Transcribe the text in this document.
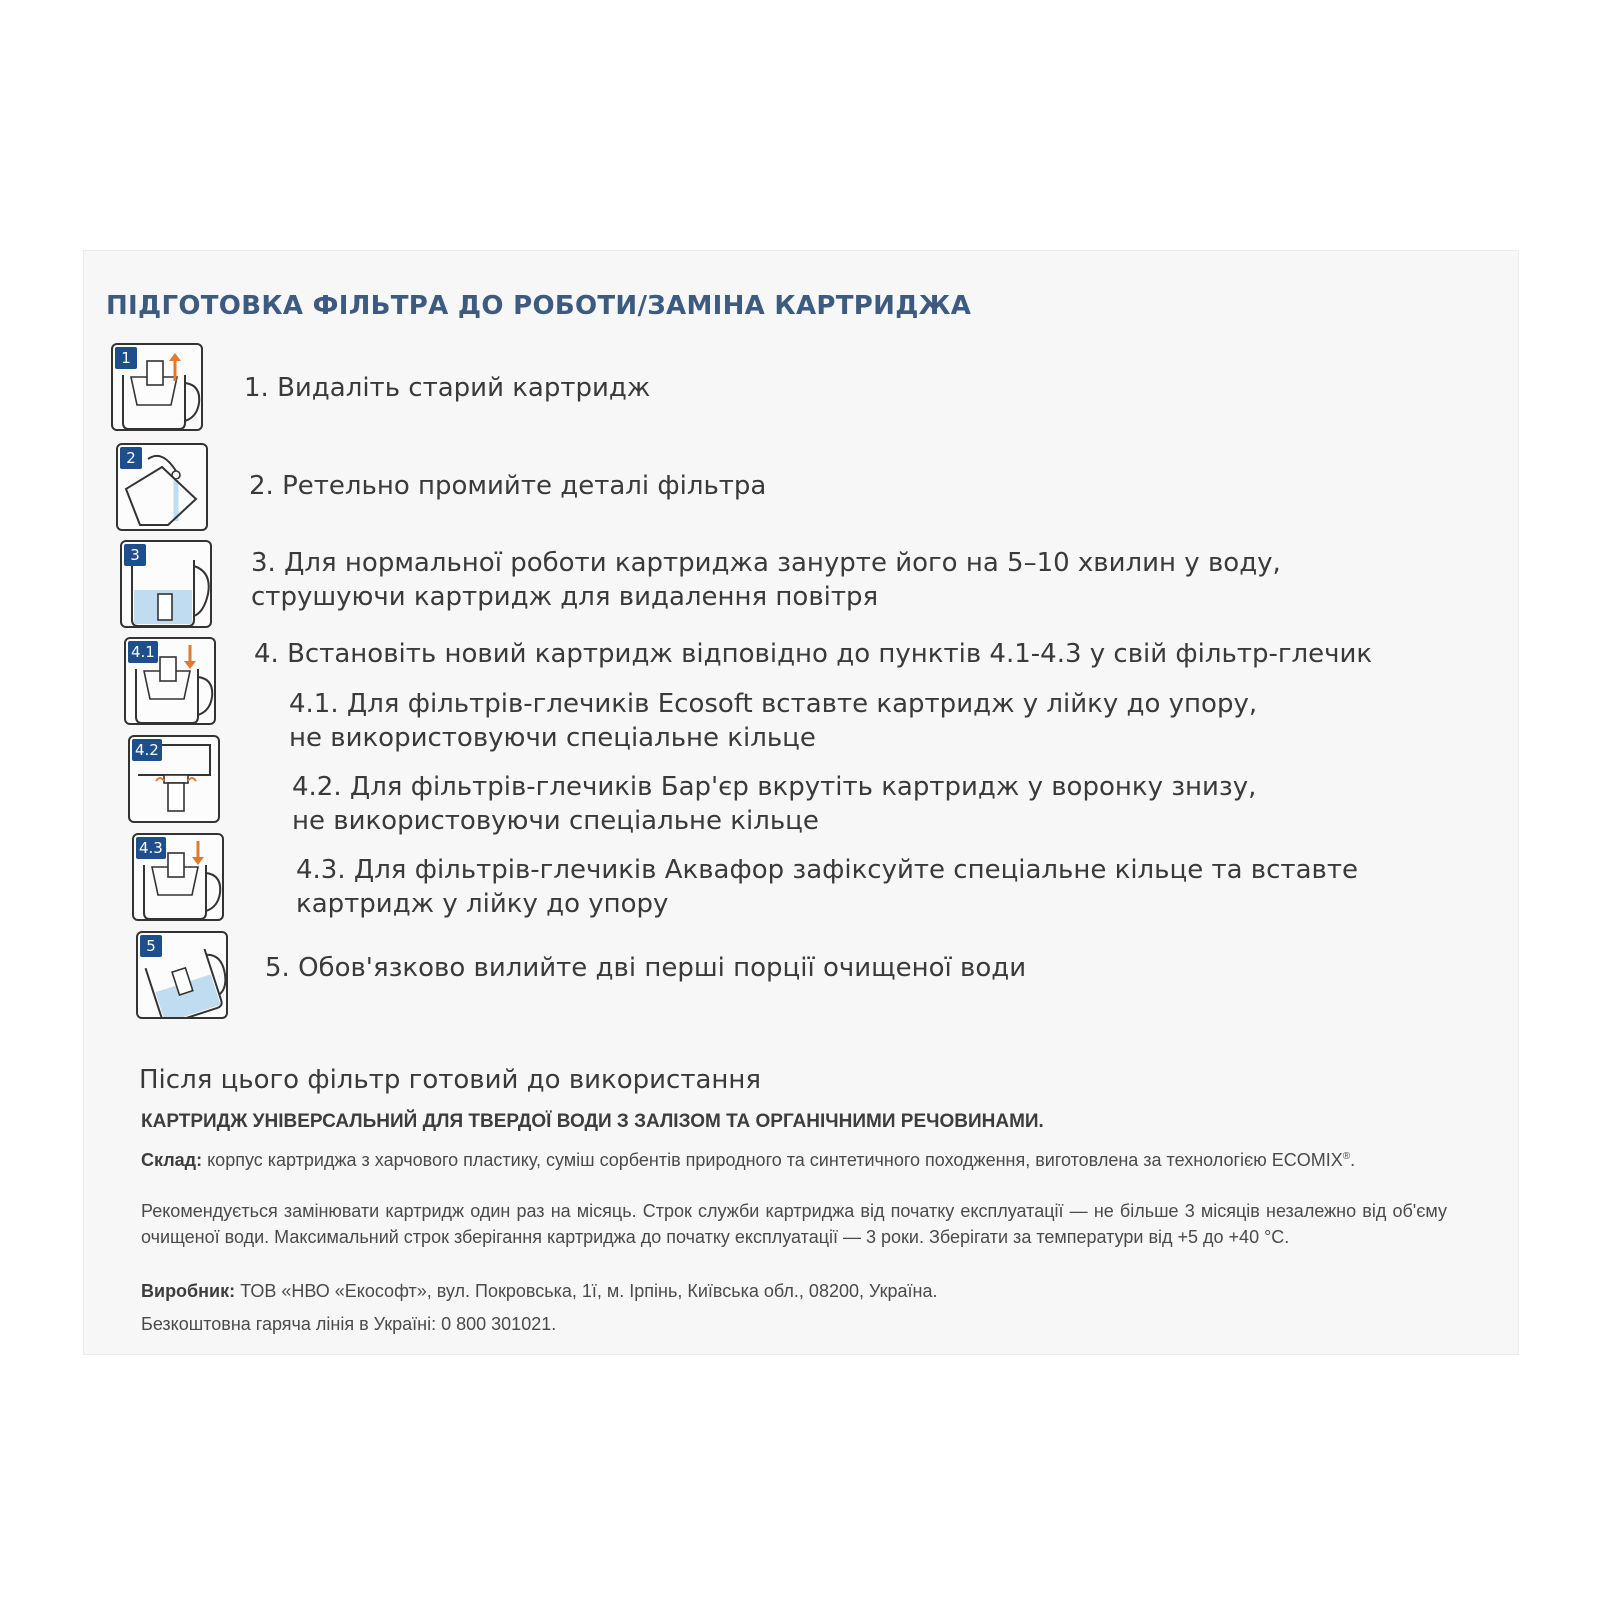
ПІДГОТОВКА ФІЛЬТРА ДО РОБОТИ/ЗАМІНА КАРТРИДЖА
1
1. Видаліть старий картридж
2
2. Ретельно промийте деталі фільтра
3	3. Для нормальної роботи картриджа занурте його на 5–10 хвилин у воду,
струшуючи картридж для видалення повітря
4.1	4. Встановіть новий картридж відповідно до пунктів 4.1-4.3 у свій фільтр-глечик
4.2
4.1. Для фільтрів-глечиків Ecosoft вставте картридж у лійку до упору,
не використовуючи спеціальне кільце
4.3
4.2. Для фільтрів-глечиків Бар'єр вкрутіть картридж у воронку знизу,
не використовуючи спеціальне кільце
5
4.3. Для фільтрів-глечиків Аквафор зафіксуйте спеціальне кільце та вставте
картридж у лійку до упору
5. Обов'язково вилийте дві перші порції очищеної води
Після цього фільтр готовий до використання
КАРТРИДЖ УНІВЕРСАЛЬНИЙ ДЛЯ ТВЕРДОЇ ВОДИ З ЗАЛІЗОМ ТА ОРГАНІЧНИМИ РЕЧОВИНАМИ.
Склад: корпус картриджа з харчового пластику, суміш сорбентів природного та синтетичного походження, виготовлена за технологією ECOMIX®.
Рекомендується замінювати картридж один раз на місяць. Строк служби картриджа від початку експлуатації — не більше 3 місяців незалежно від об'єму очищеної води. Максимальний строк зберігання картриджа до початку експлуатації — 3 роки. Зберігати за температури від +5 до +40 °С.
Виробник: ТОВ «НВО «Екософт», вул. Покровська, 1ї, м. Ірпінь, Київська обл., 08200, Україна.
Безкоштовна гаряча лінія в Україні: 0 800 301021.
